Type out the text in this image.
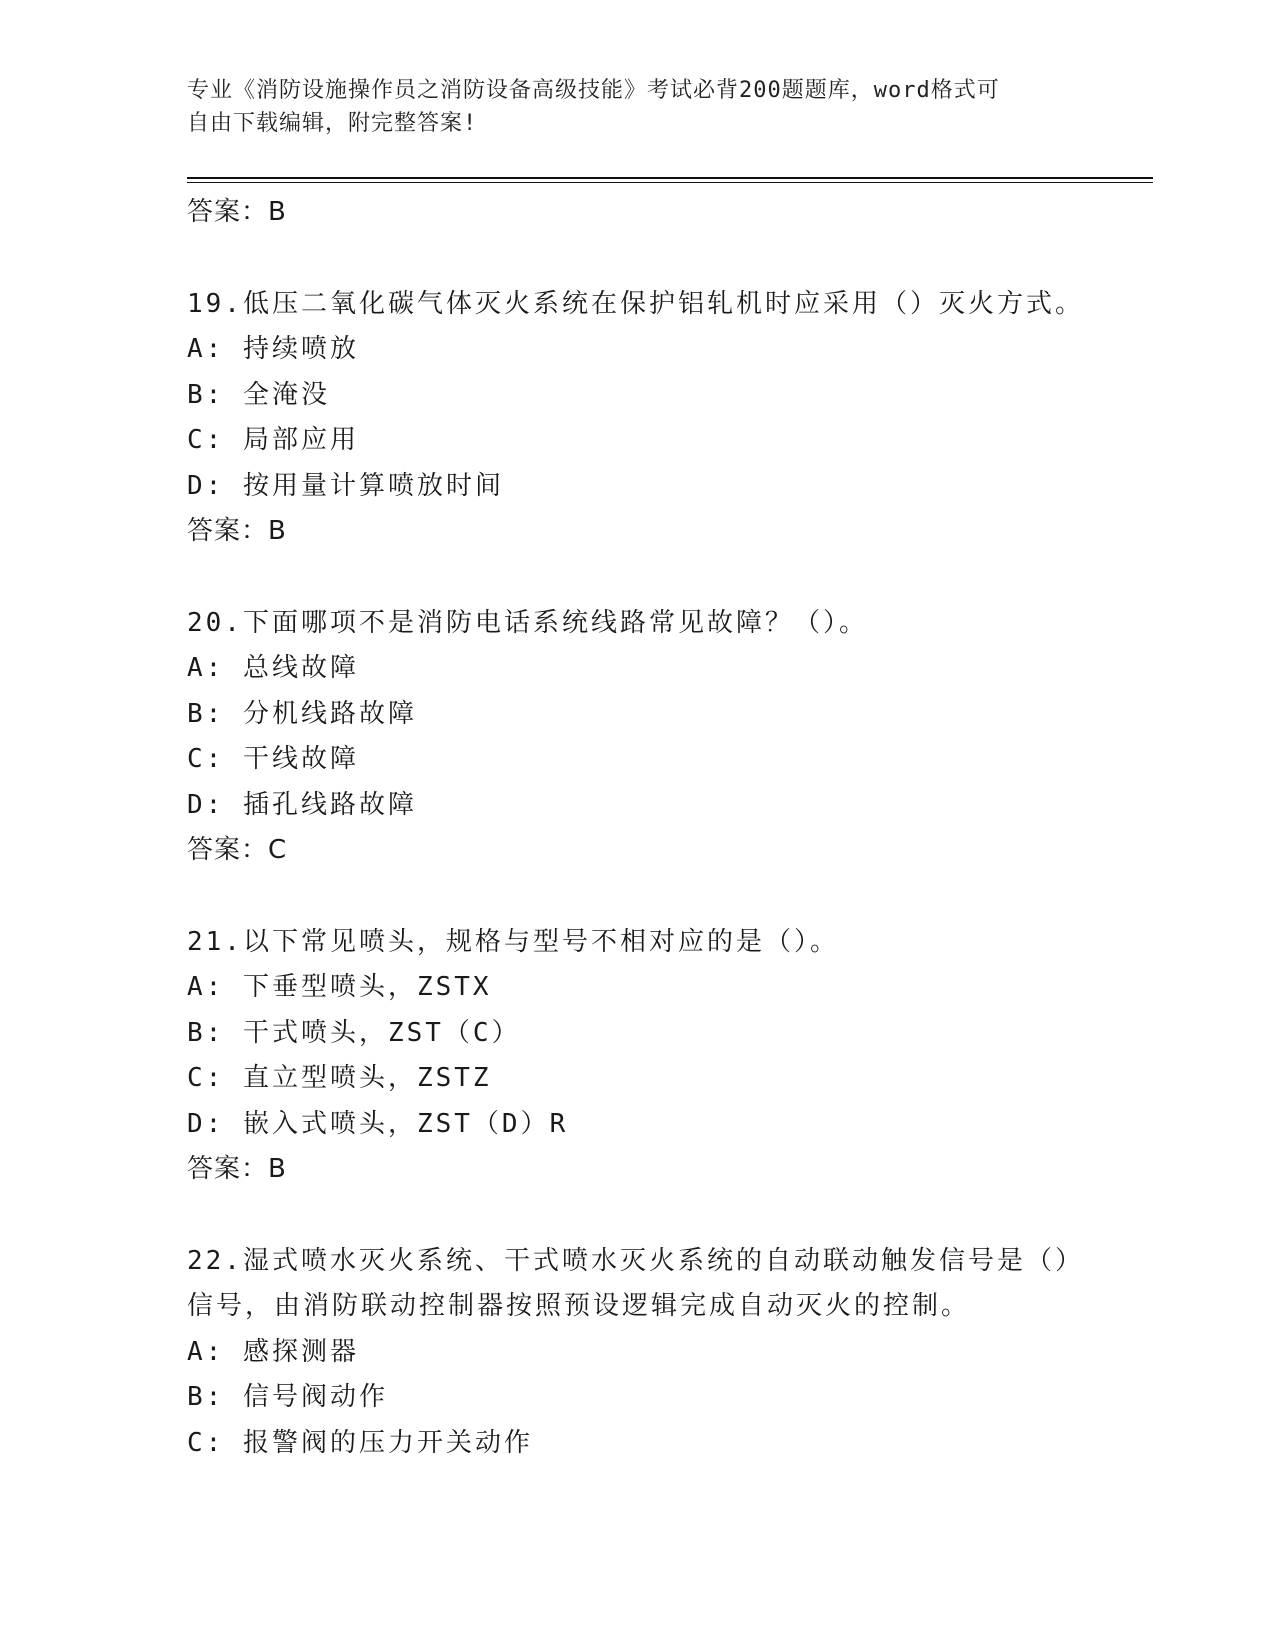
专业《消防设施操作员之消防设备高级技能》考试必背200题题库，word格式可
自由下载编辑，附完整答案!
答案：B
19.低压二氧化碳气体灭火系统在保护铝轧机时应采用（）灭火方式。
A: 持续喷放
B: 全淹没
C: 局部应用
D: 按用量计算喷放时间
答案：B
20.下面哪项不是消防电话系统线路常见故障？（）。
A: 总线故障
B: 分机线路故障
C: 干线故障
D: 插孔线路故障
答案：C
21.以下常见喷头，规格与型号不相对应的是（）。
A: 下垂型喷头，ZSTX
B: 干式喷头，ZST（C）
C: 直立型喷头，ZSTZ
D: 嵌入式喷头，ZST（D）R
答案：B
22.湿式喷水灭火系统、干式喷水灭火系统的自动联动触发信号是（）
信号，由消防联动控制器按照预设逻辑完成自动灭火的控制。
A: 感探测器
B: 信号阀动作
C: 报警阀的压力开关动作
